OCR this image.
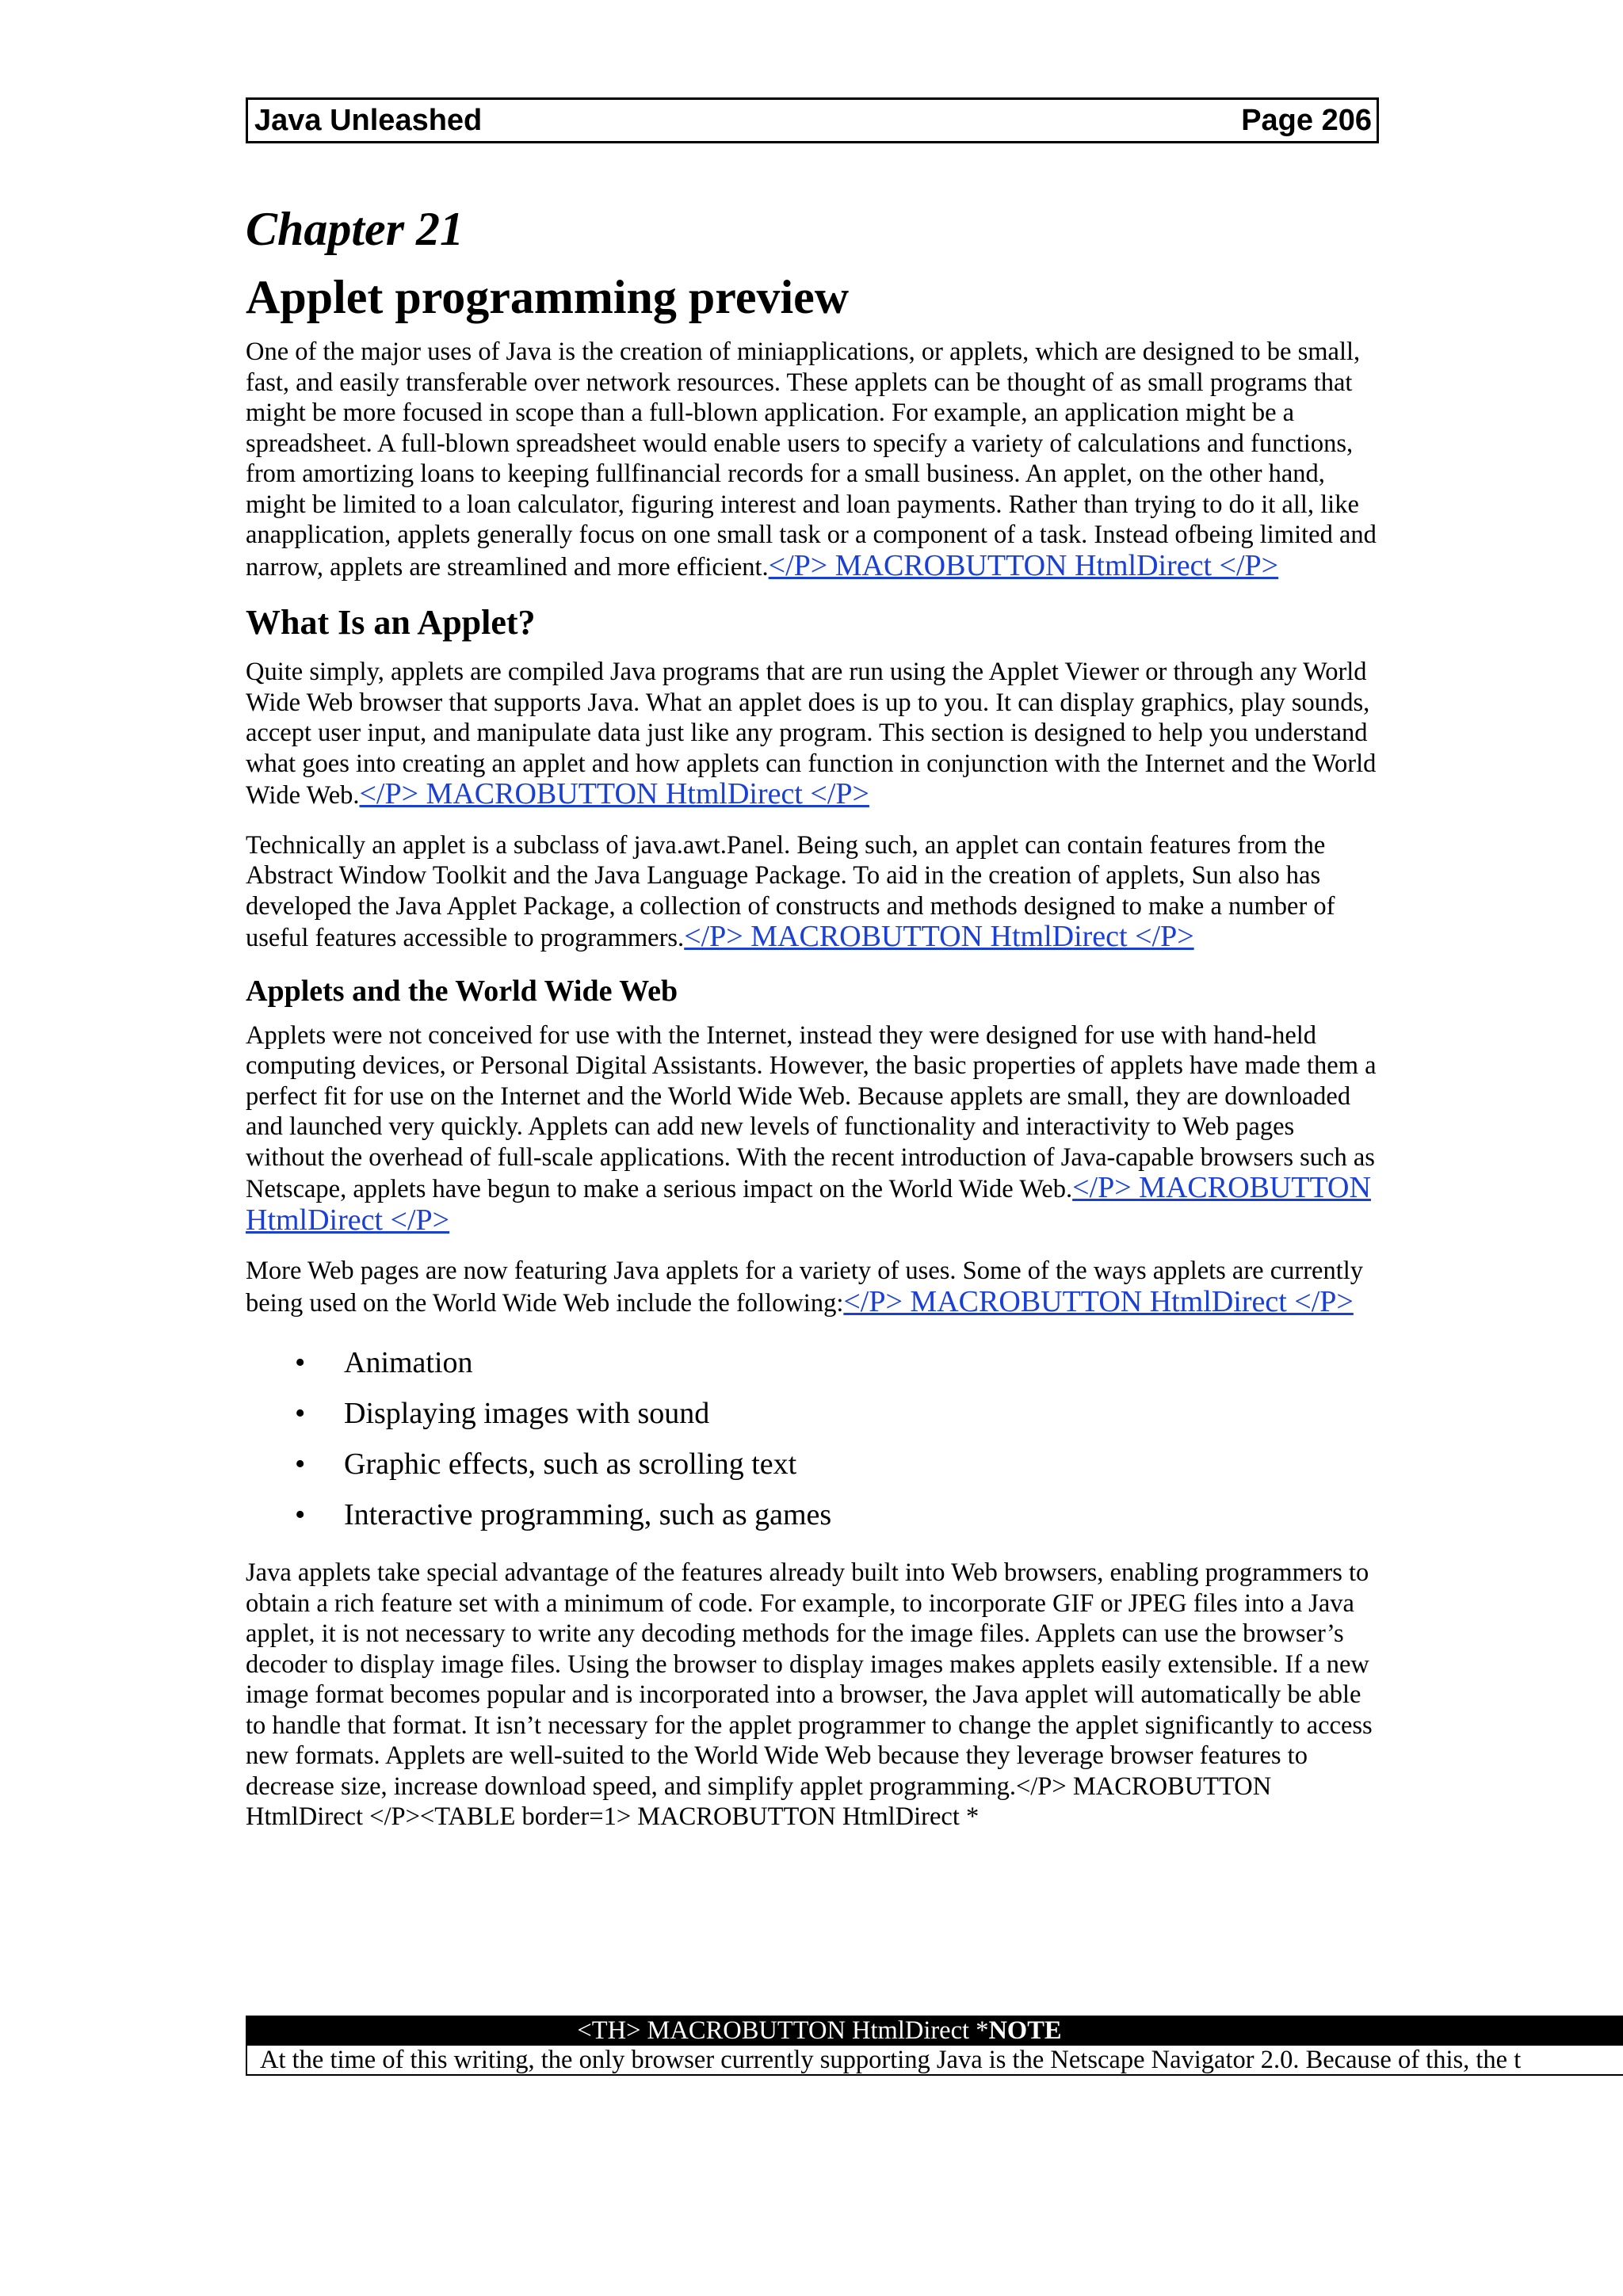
Java Unleashed	Page 206
Chapter 21
Applet programming preview

One of the major uses of Java is the creation of miniapplications, or applets, which are designed to be small, fast, and easily transferable over network resources. These applets can be thought of as small programs that might be more focused in scope than a full-blown application. For example, an application might be a spreadsheet. A full-blown spreadsheet would enable users to specify a variety of calculations and functions, from amortizing loans to keeping fullfinancial records for a small business. An applet, on the other hand, might be limited to a loan calculator, figuring interest and loan payments. Rather than trying to do it all, like anapplication, applets generally focus on one small task or a component of a task. Instead ofbeing limited and narrow, applets are streamlined and more efficient.</P> MACROBUTTON HtmlDirect </P>

What Is an Applet?

Quite simply, applets are compiled Java programs that are run using the Applet Viewer or through any World Wide Web browser that supports Java. What an applet does is up to you. It can display graphics, play sounds, accept user input, and manipulate data just like any program. This section is designed to help you understand what goes into creating an applet and how applets can function in conjunction with the Internet and the World Wide Web.</P> MACROBUTTON HtmlDirect </P>

Technically an applet is a subclass of java.awt.Panel. Being such, an applet can contain features from the Abstract Window Toolkit and the Java Language Package. To aid in the creation of applets, Sun also has developed the Java Applet Package, a collection of constructs and methods designed to make a number of useful features accessible to programmers.</P> MACROBUTTON HtmlDirect </P>

Applets and the World Wide Web

Applets were not conceived for use with the Internet, instead they were designed for use with hand-held computing devices, or Personal Digital Assistants. However, the basic properties of applets have made them a perfect fit for use on the Internet and the World Wide Web. Because applets are small, they are downloaded and launched very quickly. Applets can add new levels of functionality and interactivity to Web pages without the overhead of full-scale applications. With the recent introduction of Java-capable browsers such as Netscape, applets have begun to make a serious impact on the World Wide Web.</P> MACROBUTTON HtmlDirect </P>

More Web pages are now featuring Java applets for a variety of uses. Some of the ways applets are currently being used on the World Wide Web include the following:</P> MACROBUTTON HtmlDirect </P>

• Animation
• Displaying images with sound
• Graphic effects, such as scrolling text
• Interactive programming, such as games

Java applets take special advantage of the features already built into Web browsers, enabling programmers to obtain a rich feature set with a minimum of code. For example, to incorporate GIF or JPEG files into a Java applet, it is not necessary to write any decoding methods for the image files. Applets can use the browser’s decoder to display image files. Using the browser to display images makes applets easily extensible. If a new image format becomes popular and is incorporated into a browser, the Java applet will automatically be able to handle that format. It isn’t necessary for the applet programmer to change the applet significantly to access new formats. Applets are well-suited to the World Wide Web because they leverage browser features to decrease size, increase download speed, and simplify applet programming.</P> MACROBUTTON HtmlDirect </P><TABLE border=1> MACROBUTTON HtmlDirect *

<TH> MACROBUTTON HtmlDirect *NOTE
At the time of this writing, the only browser currently supporting Java is the Netscape Navigator 2.0. Because of this, the t
